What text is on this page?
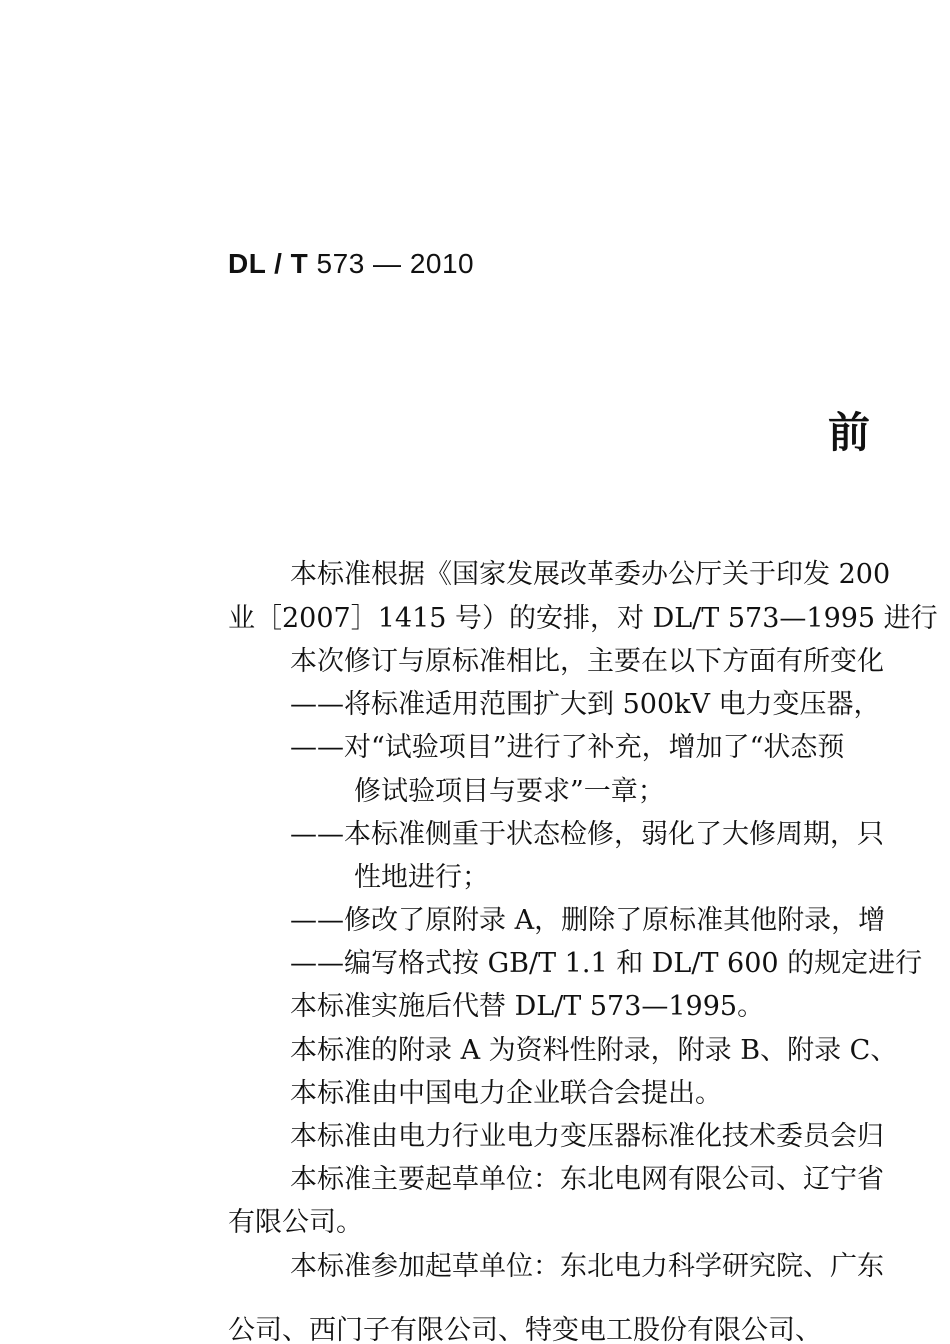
DL / T 573 — 2010
前
本标准根据《国家发展改革委办公厅关于印发 200
业［2007］1415 号）的安排，对 DL/T 573—1995 进行
本次修订与原标准相比，主要在以下方面有所变化
——将标准适用范围扩大到 500kV 电力变压器，
——对“试验项目”进行了补充，增加了“状态预
修试验项目与要求”一章；
——本标准侧重于状态检修，弱化了大修周期，只
性地进行；
——修改了原附录 A，删除了原标准其他附录，增
——编写格式按 GB/T 1.1 和 DL/T 600 的规定进行
本标准实施后代替 DL/T 573—1995。
本标准的附录 A 为资料性附录，附录 B、附录 C、
本标准由中国电力企业联合会提出。
本标准由电力行业电力变压器标准化技术委员会归
本标准主要起草单位：东北电网有限公司、辽宁省
有限公司。
本标准参加起草单位：东北电力科学研究院、广东
公司、西门子有限公司、特变电工股份有限公司、
